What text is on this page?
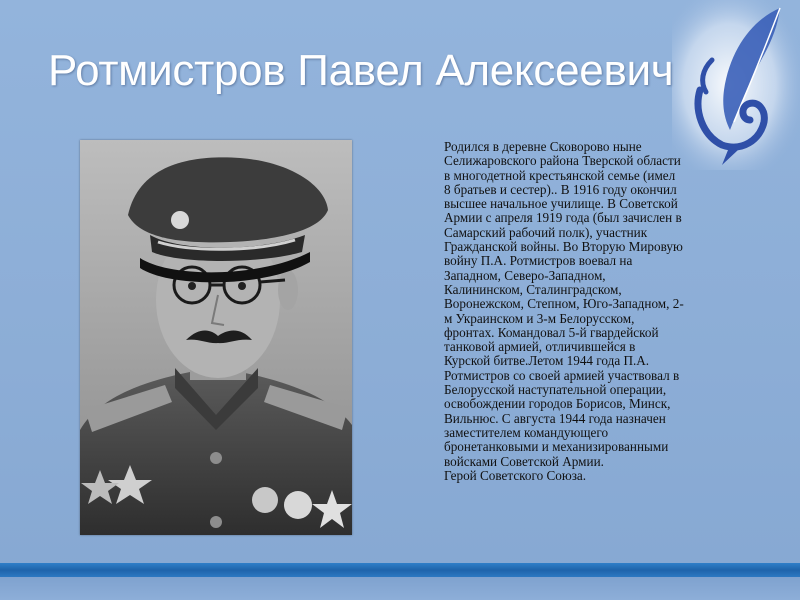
Ротмистров Павел Алексеевич
Родился в деревне Сковорово ныне
Селижаровского района Тверской области
в многодетной крестьянской семье (имел
8 братьев и сестер).. В 1916 году окончил
высшее начальное училище. В Советской
Армии с апреля 1919 года (был зачислен в
Самарский рабочий полк), участник
Гражданской войны. Во Вторую Мировую
войну П.А. Ротмистров воевал на
Западном, Северо-Западном,
Калининском, Сталинградском,
Воронежском, Степном, Юго-Западном, 2-
м Украинском и 3-м Белорусском,
фронтах. Командовал 5-й гвардейской
танковой армией, отличившейся в
Курской битве.Летом 1944 года П.А.
Ротмистров со своей армией участвовал в
Белорусской наступательной операции,
освобождении городов Борисов, Минск,
Вильнюс. С августа 1944 года назначен
заместителем командующего
бронетанковыми и механизированными
войсками Советской Армии.
Герой Советского Союза.
